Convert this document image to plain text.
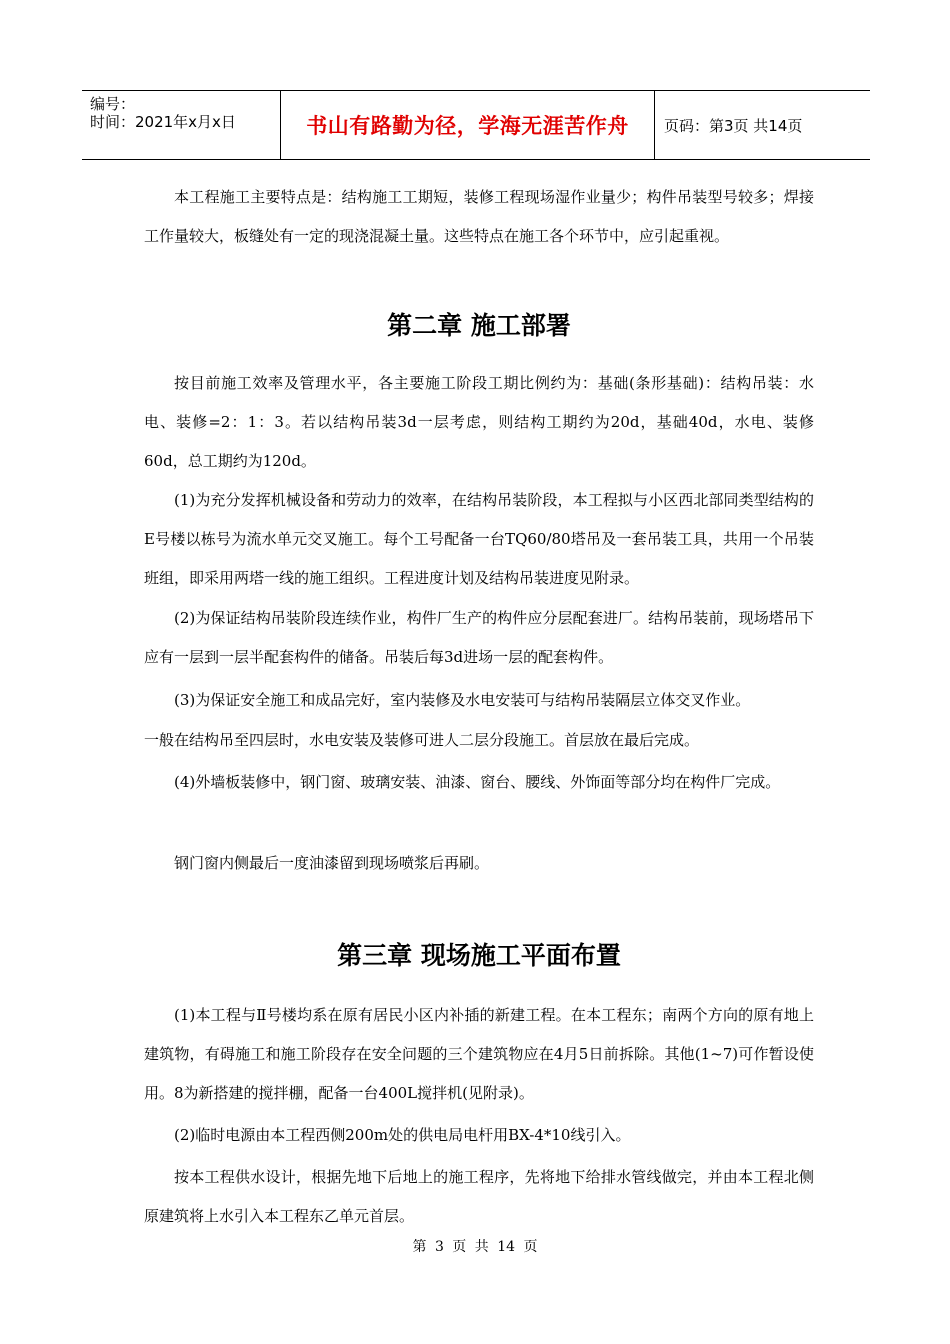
编号：
时间：2021年x月x日	书山有路勤为径，学海无涯苦作舟 页码：第3页 共14页

本工程施工主要特点是：结构施工工期短，装修工程现场湿作业量少；构件吊装型号较多；焊接工作量较大，板缝处有一定的现浇混凝土量。这些特点在施工各个环节中，应引起重视。

第二章 施工部署

按目前施工效率及管理水平，各主要施工阶段工期比例约为：基础(条形基础)：结构吊装：水电、装修=2：1：3。若以结构吊装3d一层考虑，则结构工期约为20d，基础40d，水电、装修60d，总工期约为120d。

(1)为充分发挥机械设备和劳动力的效率，在结构吊装阶段，本工程拟与小区西北部同类型结构的E号楼以栋号为流水单元交叉施工。每个工号配备一台TQ60/80塔吊及一套吊装工具，共用一个吊装班组，即采用两塔一线的施工组织。工程进度计划及结构吊装进度见附录。

(2)为保证结构吊装阶段连续作业，构件厂生产的构件应分层配套进厂。结构吊装前，现场塔吊下应有一层到一层半配套构件的储备。吊装后每3d进场一层的配套构件。

(3)为保证安全施工和成品完好，室内装修及水电安装可与结构吊装隔层立体交叉作业。

一般在结构吊至四层时，水电安装及装修可进人二层分段施工。首层放在最后完成。

(4)外墙板装修中，钢门窗、玻璃安装、油漆、窗台、腰线、外饰面等部分均在构件厂完成。

钢门窗内侧最后一度油漆留到现场喷浆后再刷。

第三章 现场施工平面布置

(1)本工程与Ⅱ号楼均系在原有居民小区内补插的新建工程。在本工程东；南两个方向的原有地上建筑物，有碍施工和施工阶段存在安全问题的三个建筑物应在4月5日前拆除。其他(1~7)可作暂设使用。8为新搭建的搅拌棚，配备一台400L搅拌机(见附录)。

(2)临时电源由本工程西侧200m处的供电局电杆用BX-4*10线引入。

按本工程供水设计，根据先地下后地上的施工程序，先将地下给排水管线做完，并由本工程北侧原建筑将上水引入本工程东乙单元首层。

第 3 页 共 14 页
